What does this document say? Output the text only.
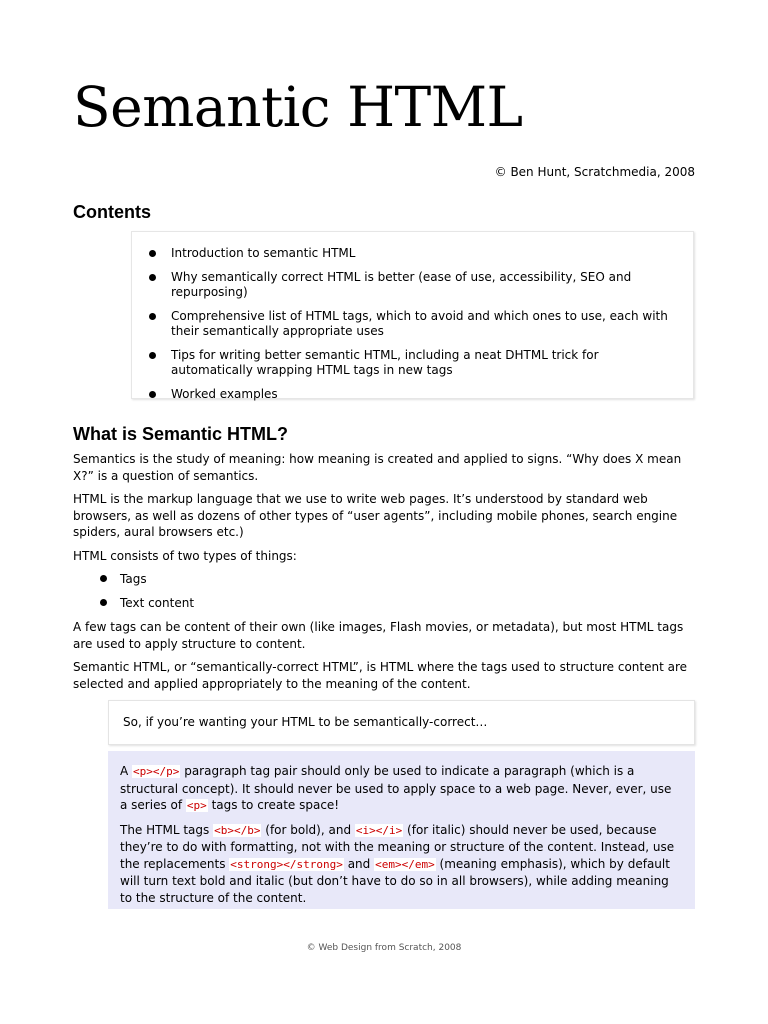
Semantic HTML
© Ben Hunt, Scratchmedia, 2008
Contents
Introduction to semantic HTML
Why semantically correct HTML is better (ease of use, accessibility, SEO and repurposing)
Comprehensive list of HTML tags, which to avoid and which ones to use, each with their semantically appropriate uses
Tips for writing better semantic HTML, including a neat DHTML trick for automatically wrapping HTML tags in new tags
Worked examples
What is Semantic HTML?

Semantics is the study of meaning: how meaning is created and applied to signs. “Why does X mean X?” is a question of semantics.

HTML is the markup language that we use to write web pages. It’s understood by standard web browsers, as well as dozens of other types of “user agents”, including mobile phones, search engine spiders, aural browsers etc.)

HTML consists of two types of things:

Tags
Text content

A few tags can be content of their own (like images, Flash movies, or metadata), but most HTML tags are used to apply structure to content.

Semantic HTML, or “semantically-correct HTML”, is HTML where the tags used to structure content are selected and applied appropriately to the meaning of the content.

So, if you’re wanting your HTML to be semantically-correct…

A <p></p> paragraph tag pair should only be used to indicate a paragraph (which is a structural concept). It should never be used to apply space to a web page. Never, ever, use a series of <p> tags to create space!

The HTML tags <b></b> (for bold), and <i></i> (for italic) should never be used, because they’re to do with formatting, not with the meaning or structure of the content. Instead, use the replacements <strong></strong> and <em></em> (meaning emphasis), which by default will turn text bold and italic (but don’t have to do so in all browsers), while adding meaning to the structure of the content.

© Web Design from Scratch, 2008
